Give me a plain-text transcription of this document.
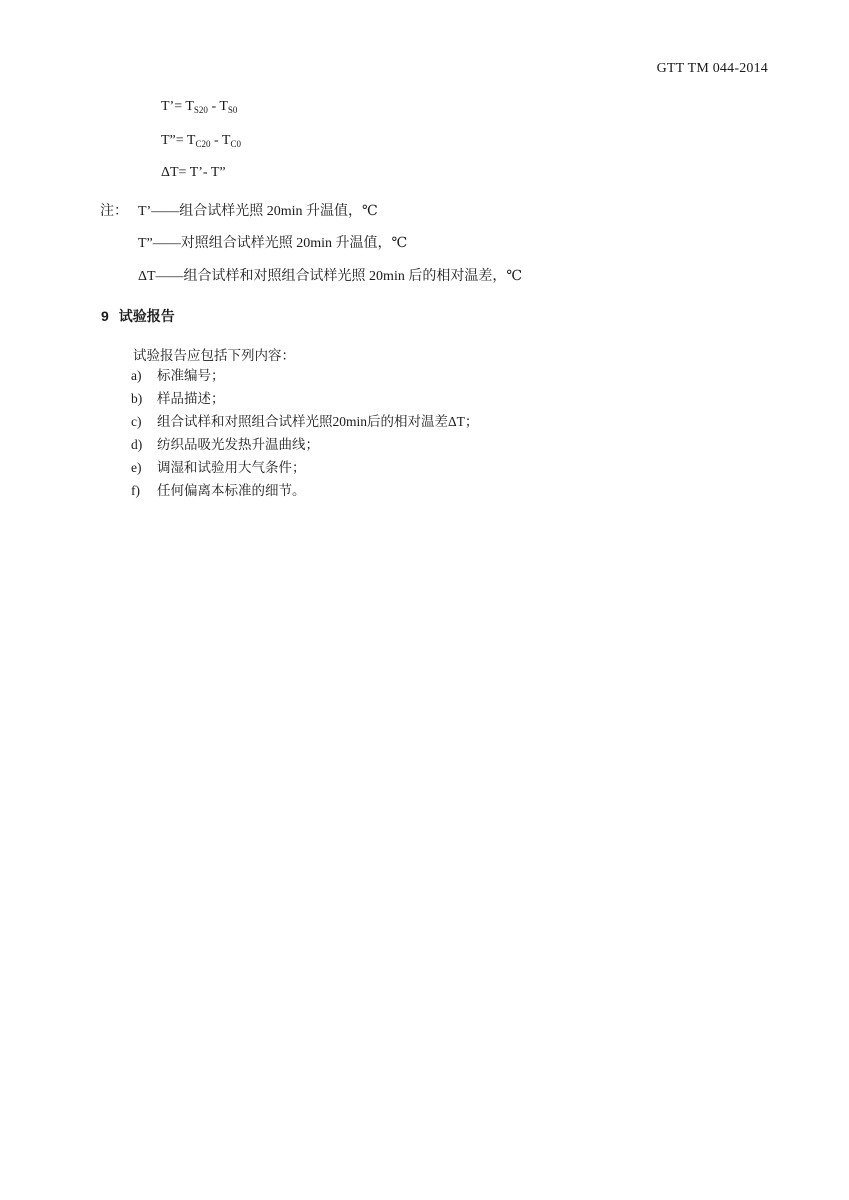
GTT TM 044-2014
T’= $T_{S20} - T_{S0}$
T”= $T_{C20} - T_{C0}$
ΔT= T’- T”
注： T’——组合试样光照 20min 升温值，℃
T”——对照组合试样光照 20min 升温值，℃
ΔT——组合试样和对照组合试样光照 20min 后的相对温差，℃
9 试验报告
试验报告应包括下列内容：
a) 标准编号；
b) 样品描述；
c) 组合试样和对照组合试样光照20min后的相对温差ΔT；
d) 纺织品吸光发热升温曲线；
e) 调湿和试验用大气条件；
f) 任何偏离本标准的细节。
